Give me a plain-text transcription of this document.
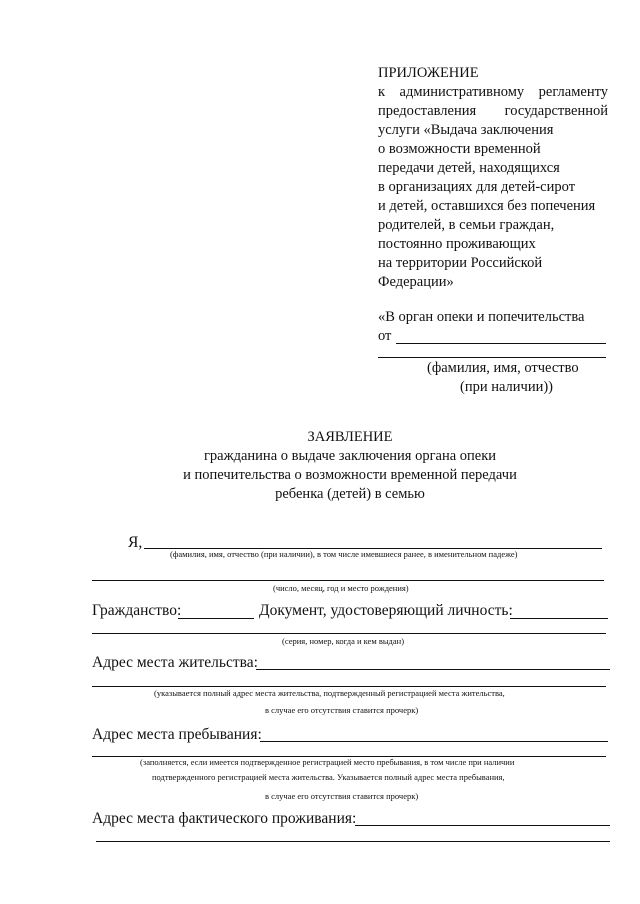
ПРИЛОЖЕНИЕ
к административному регламенту
предоставления государственной
услуги «Выдача заключения
о возможности временной
передачи детей, находящихся
в организациях для детей-сирот
и детей, оставшихся без попечения
родителей, в семьи граждан,
постоянно проживающих
на территории Российской
Федерации»
«В орган опеки и попечительства
от
(фамилия, имя, отчество
(при наличии))
ЗАЯВЛЕНИЕ
гражданина о выдаче заключения органа опеки
и попечительства о возможности временной передачи
ребенка (детей) в семью
Я,
(фамилия, имя, отчество (при наличии), в том числе имевшиеся ранее, в именительном падеже)
(число, месяц, год и место рождения)
Гражданство:	Документ, удостоверяющий личность:
(серия, номер, когда и кем выдан)
Адрес места жительства:
(указывается полный адрес места жительства, подтвержденный регистрацией места жительства,
в случае его отсутствия ставится прочерк)
Адрес места пребывания:
(заполняется, если имеется подтвержденное регистрацией место пребывания, в том числе при наличии
подтвержденного регистрацией места жительства. Указывается полный адрес места пребывания,
в случае его отсутствия ставится прочерк)
Адрес места фактического проживания:
